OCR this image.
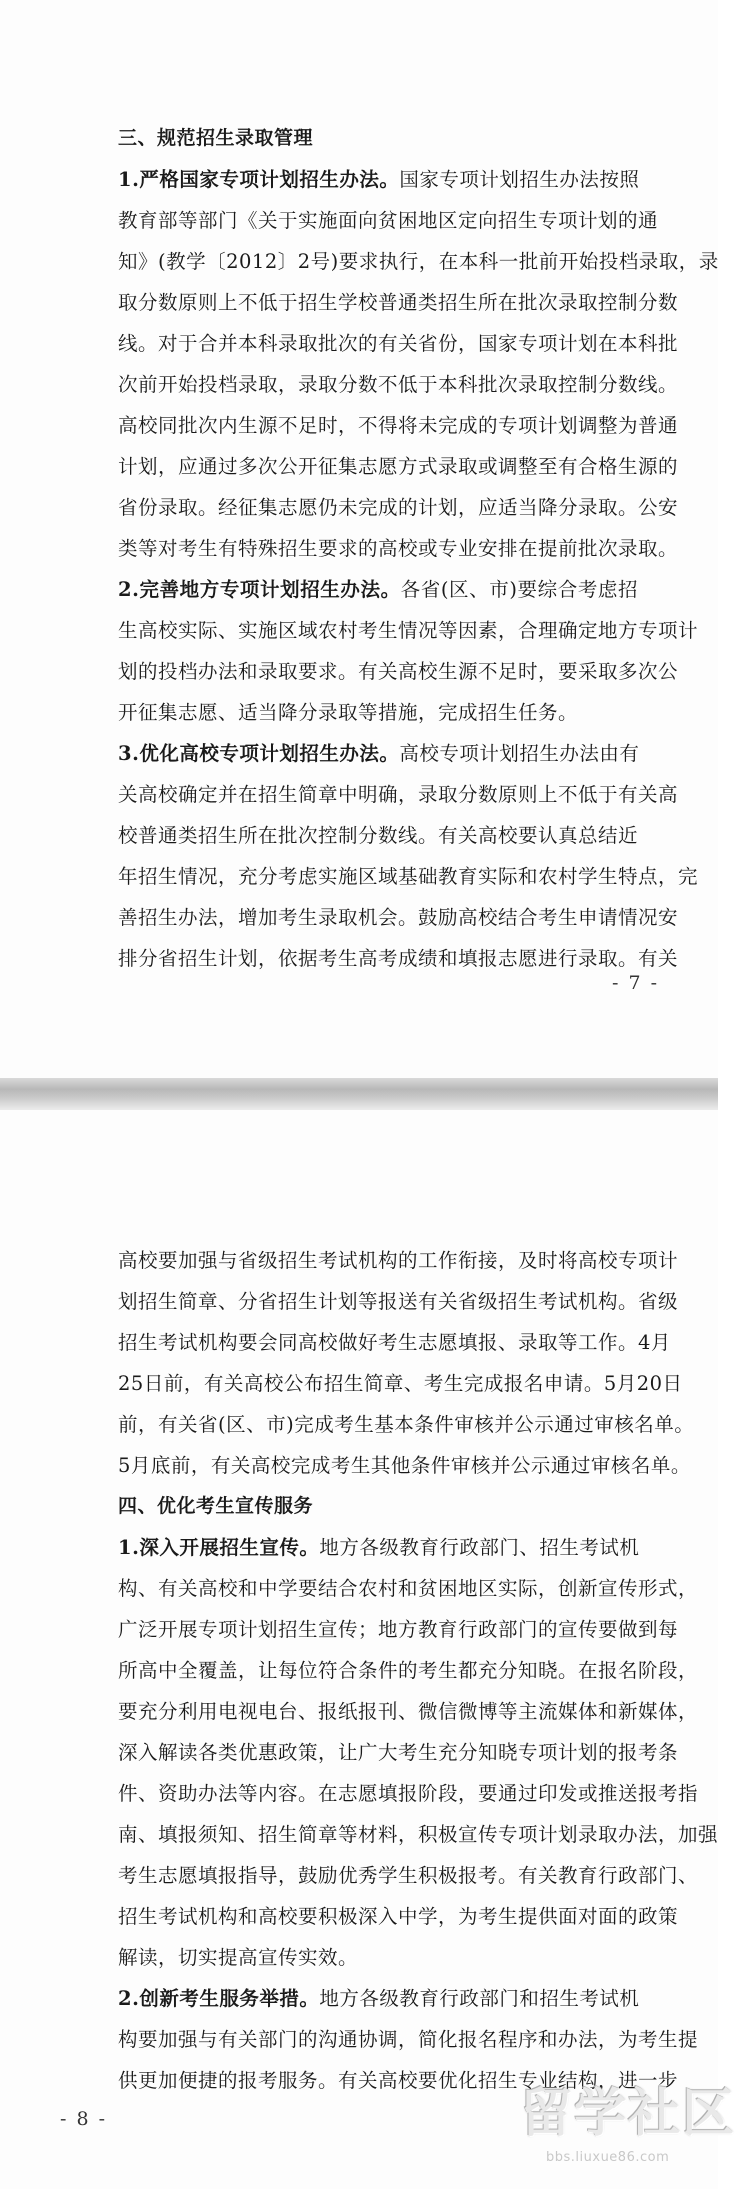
三、规范招生录取管理
1.严格国家专项计划招生办法。国家专项计划招生办法按照
教育部等部门《关于实施面向贫困地区定向招生专项计划的通
知》(教学〔2012〕2号)要求执行，在本科一批前开始投档录取，录
取分数原则上不低于招生学校普通类招生所在批次录取控制分数
线。对于合并本科录取批次的有关省份，国家专项计划在本科批
次前开始投档录取，录取分数不低于本科批次录取控制分数线。
高校同批次内生源不足时，不得将未完成的专项计划调整为普通
计划，应通过多次公开征集志愿方式录取或调整至有合格生源的
省份录取。经征集志愿仍未完成的计划，应适当降分录取。公安
类等对考生有特殊招生要求的高校或专业安排在提前批次录取。
2.完善地方专项计划招生办法。各省(区、市)要综合考虑招
生高校实际、实施区域农村考生情况等因素，合理确定地方专项计
划的投档办法和录取要求。有关高校生源不足时，要采取多次公
开征集志愿、适当降分录取等措施，完成招生任务。
3.优化高校专项计划招生办法。高校专项计划招生办法由有
关高校确定并在招生简章中明确，录取分数原则上不低于有关高
校普通类招生所在批次控制分数线。有关高校要认真总结近
年招生情况，充分考虑实施区域基础教育实际和农村学生特点，完
善招生办法，增加考生录取机会。鼓励高校结合考生申请情况安
排分省招生计划，依据考生高考成绩和填报志愿进行录取。有关
- 7 -
高校要加强与省级招生考试机构的工作衔接，及时将高校专项计
划招生简章、分省招生计划等报送有关省级招生考试机构。省级
招生考试机构要会同高校做好考生志愿填报、录取等工作。4月
25日前，有关高校公布招生简章、考生完成报名申请。5月20日
前，有关省(区、市)完成考生基本条件审核并公示通过审核名单。
5月底前，有关高校完成考生其他条件审核并公示通过审核名单。
四、优化考生宣传服务
1.深入开展招生宣传。地方各级教育行政部门、招生考试机
构、有关高校和中学要结合农村和贫困地区实际，创新宣传形式，
广泛开展专项计划招生宣传；地方教育行政部门的宣传要做到每
所高中全覆盖，让每位符合条件的考生都充分知晓。在报名阶段，
要充分利用电视电台、报纸报刊、微信微博等主流媒体和新媒体，
深入解读各类优惠政策，让广大考生充分知晓专项计划的报考条
件、资助办法等内容。在志愿填报阶段，要通过印发或推送报考指
南、填报须知、招生简章等材料，积极宣传专项计划录取办法，加强
考生志愿填报指导，鼓励优秀学生积极报考。有关教育行政部门、
招生考试机构和高校要积极深入中学，为考生提供面对面的政策
解读，切实提高宣传实效。
2.创新考生服务举措。地方各级教育行政部门和招生考试机
构要加强与有关部门的沟通协调，简化报名程序和办法，为考生提
供更加便捷的报考服务。有关高校要优化招生专业结构，进一步
- 8 -	留学社区
bbs.liuxue86.com
